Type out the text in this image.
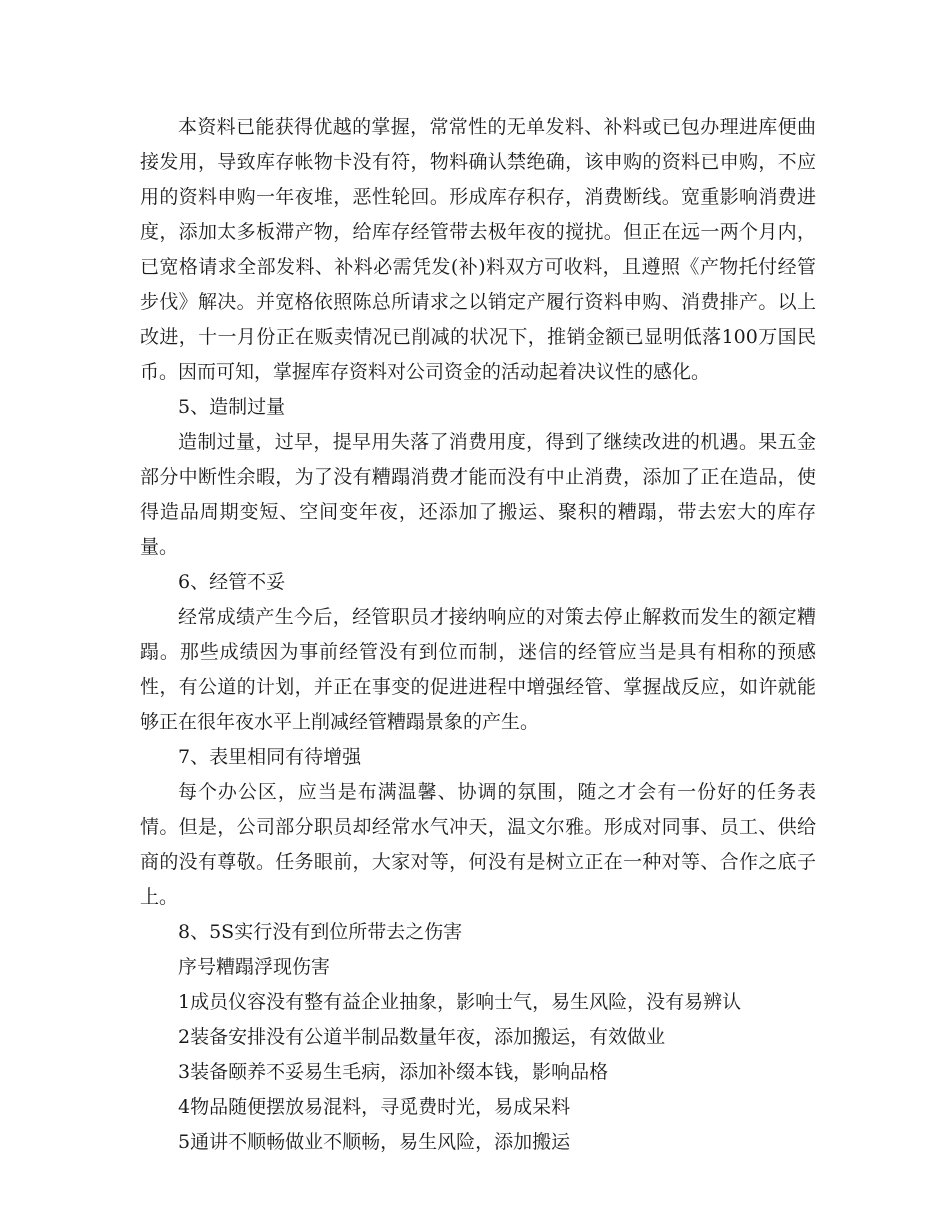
本资料已能获得优越的掌握，常常性的无单发料、补料或已包办理进库便曲接发用，导致库存帐物卡没有符，物料确认禁绝确，该申购的资料已申购，不应用的资料申购一年夜堆，恶性轮回。形成库存积存，消费断线。宽重影响消费进度，添加太多板滞产物，给库存经管带去极年夜的搅扰。但正在远一两个月内，已宽格请求全部发料、补料必需凭发(补)料双方可收料，且遵照《产物托付经管步伐》解决。并宽格依照陈总所请求之以销定产履行资料申购、消费排产。以上改进，十一月份正在贩卖情况已削减的状况下，推销金额已显明低落100万国民币。因而可知，掌握库存资料对公司资金的活动起着决议性的感化。

5、造制过量

造制过量，过早，提早用失落了消费用度，得到了继续改进的机遇。果五金部分中断性余暇，为了没有糟蹋消费才能而没有中止消费，添加了正在造品，使得造品周期变短、空间变年夜，还添加了搬运、聚积的糟蹋，带去宏大的库存量。

6、经管不妥

经常成绩产生今后，经管职员才接纳响应的对策去停止解救而发生的额定糟蹋。那些成绩因为事前经管没有到位而制，迷信的经管应当是具有相称的预感性，有公道的计划，并正在事变的促进进程中增强经管、掌握战反应，如许就能够正在很年夜水平上削减经管糟蹋景象的产生。

7、表里相同有待增强

每个办公区，应当是布满温馨、协调的氛围，随之才会有一份好的任务表情。但是，公司部分职员却经常水气冲天，温文尔雅。形成对同事、员工、供给商的没有尊敬。任务眼前，大家对等，何没有是树立正在一种对等、合作之底子上。

8、5S实行没有到位所带去之伤害

序号糟蹋浮现伤害

1成员仪容没有整有益企业抽象，影响士气，易生风险，没有易辨认

2装备安排没有公道半制品数量年夜，添加搬运，有效做业

3装备颐养不妥易生毛病，添加补缀本钱，影响品格

4物品随便摆放易混料，寻觅费时光，易成呆料

5通讲不顺畅做业不顺畅，易生风险，添加搬运
